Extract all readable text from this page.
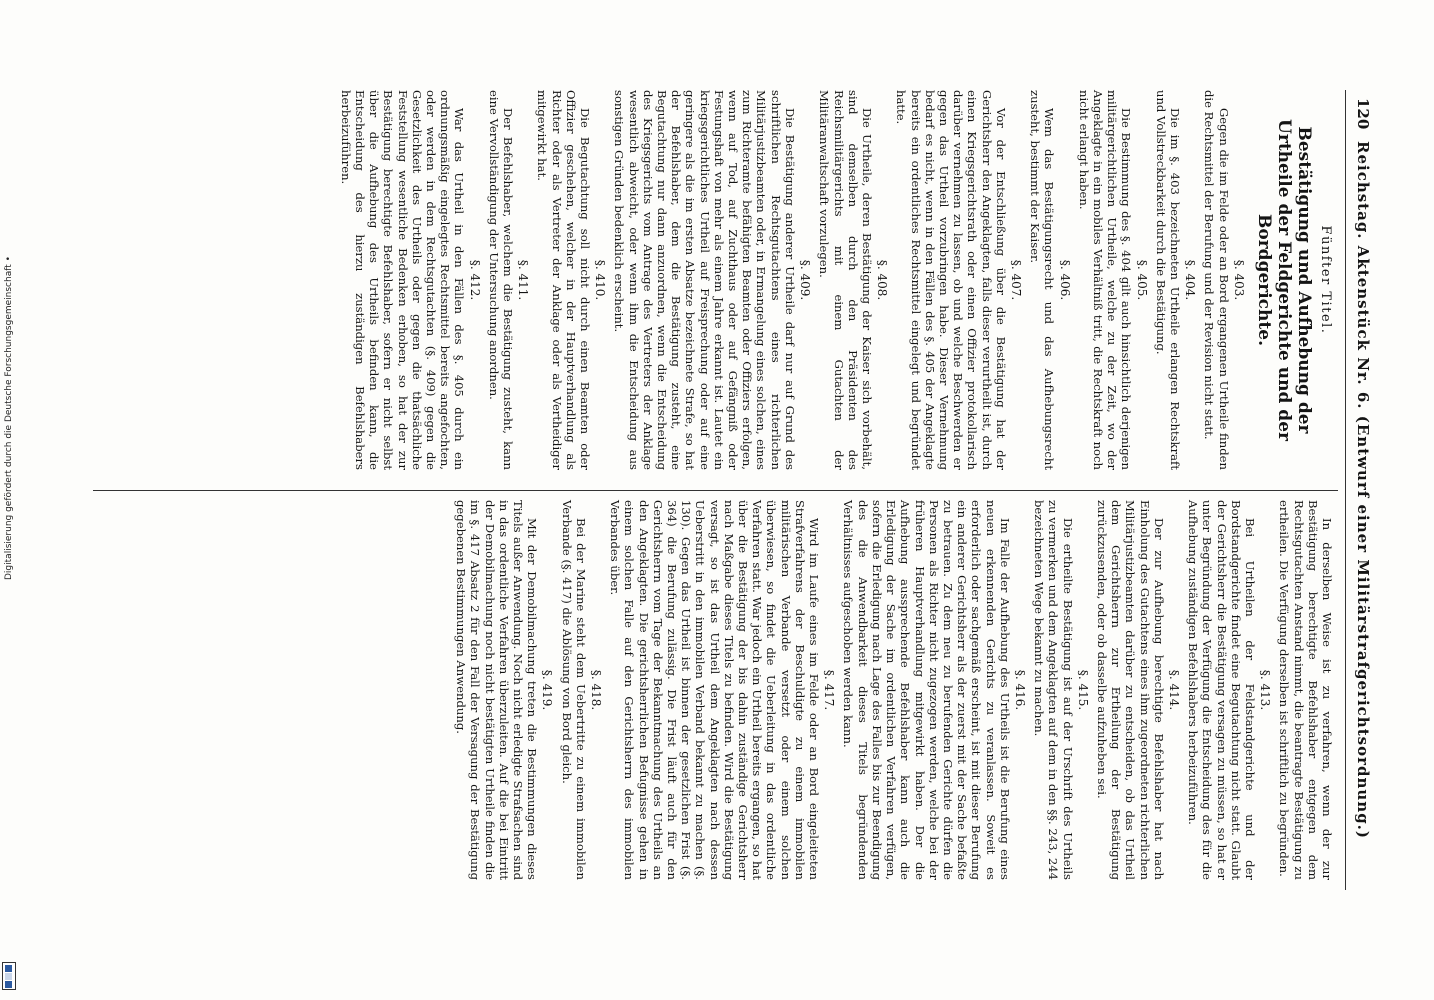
120
Reichstag. Aktenstück Nr. 6. (Entwurf einer Militärstrafgerichtsordnung.)
Fünfter Titel.
Bestätigung und Aufhebung der Urtheile der Feldgerichte und der Bordgerichte.
§. 403.

Gegen die im Felde oder an Bord ergangenen Urtheile finden die Rechtsmittel der Berufung und der Revision nicht statt.

§. 404.

Die im §. 403 bezeichneten Urtheile erlangen Rechtskraft und Vollstreckbarkeit durch die Bestätigung.

§. 405.

Die Bestimmung des §. 404 gilt auch hinsichtlich derjenigen militärgerichtlichen Urtheile, welche zu der Zeit, wo der Angeklagte in ein mobiles Verhältniß tritt, die Rechtskraft noch nicht erlangt haben.

§. 406.

Wem das Bestätigungsrecht und das Aufhebungsrecht zusteht, bestimmt der Kaiser.

§. 407.

Vor der Entschließung über die Bestätigung hat der Gerichtsherr den Angeklagten, falls dieser verurtheilt ist, durch einen Kriegsgerichtsrath oder einen Offizier protokollarisch darüber vernehmen zu lassen, ob und welche Beschwerden er gegen das Urtheil vorzubringen habe. Dieser Vernehmung bedarf es nicht, wenn in den Fällen des §. 405 der Angeklagte bereits ein ordentliches Rechtsmittel eingelegt und begründet hatte.

§. 408.

Die Urtheile, deren Bestätigung der Kaiser sich vorbehält, sind demselben durch den Präsidenten des Reichsmilitärgerichts mit einem Gutachten der Militäranwaltschaft vorzulegen.

§. 409.

Die Bestätigung anderer Urtheile darf nur auf Grund des schriftlichen Rechtsgutachtens eines richterlichen Militärjustizbeamten oder, in Ermangelung eines solchen, eines zum Richteramte befähigten Beamten oder Offiziers erfolgen, wenn auf Tod, auf Zuchthaus oder auf Gefängniß oder Festungshaft von mehr als einem Jahre erkannt ist. Lautet ein kriegsgerichtliches Urtheil auf Freisprechung oder auf eine geringere als die im ersten Absatze bezeichnete Strafe, so hat der Befehlshaber, dem die Bestätigung zusteht, eine Begutachtung nur dann anzuordnen, wenn die Entscheidung des Kriegsgerichts vom Antrage des Vertreters der Anklage wesentlich abweicht, oder wenn ihm die Entscheidung aus sonstigen Gründen bedenklich erscheint.

§. 410.

Die Begutachtung soll nicht durch einen Beamten oder Offizier geschehen, welcher in der Hauptverhandlung als Richter oder als Vertreter der Anklage oder als Vertheidiger mitgewirkt hat.

§. 411.

Der Befehlshaber, welchem die Bestätigung zusteht, kann eine Vervollständigung der Untersuchung anordnen.

§. 412.

War das Urtheil in den Fällen des §. 405 durch ein ordnungsmäßig eingelegtes Rechtsmittel bereits angefochten, oder werden in dem Rechtsgutachten (§. 409) gegen die Gesetzlichkeit des Urtheils oder gegen die thatsächliche Feststellung wesentliche Bedenken erhoben, so hat der zur Bestätigung berechtigte Befehlshaber, sofern er nicht selbst über die Aufhebung des Urtheils befinden kann, die Entscheidung des hierzu zuständigen Befehlshabers herbeizuführen.

In derselben Weise ist zu verfahren, wenn der zur Bestätigung berechtigte Befehlshaber entgegen dem Rechtsgutachten Anstand nimmt, die beantragte Bestätigung zu ertheilen. Die Verfügung derselben ist schriftlich zu begründen.

§. 413.

Bei Urtheilen der Feldstandgerichte und der Bordstandgerichte findet eine Begutachtung nicht statt. Glaubt der Gerichtsherr die Bestätigung versagen zu müssen, so hat er unter Begründung der Verfügung die Entscheidung des für die Aufhebung zuständigen Befehlshabers herbeizuführen.

§. 414.

Der zur Aufhebung berechtigte Befehlshaber hat nach Einholung des Gutachtens eines ihm zugeordneten richterlichen Militärjustizbeamten darüber zu entscheiden, ob das Urtheil dem Gerichtsherrn zur Ertheilung der Bestätigung zurückzusenden, oder ob dasselbe aufzuheben sei.

§. 415.

Die ertheilte Bestätigung ist auf der Urschrift des Urtheils zu vermerken und dem Angeklagten auf dem in den §§. 243, 244 bezeichneten Wege bekannt zu machen.

§. 416.

Im Falle der Aufhebung des Urtheils ist die Berufung eines neuen erkennenden Gerichts zu veranlassen. Soweit es erforderlich oder sachgemäß erscheint, ist mit dieser Berufung ein anderer Gerichtsherr als der zuerst mit der Sache befaßte zu betrauen. Zu dem neu zu berufenden Gerichte dürfen die Personen als Richter nicht zugezogen werden, welche bei der früheren Hauptverhandlung mitgewirkt haben. Der die Aufhebung aussprechende Befehlshaber kann auch die Erledigung der Sache im ordentlichen Verfahren verfügen, sofern die Erledigung nach Lage des Falles bis zur Beendigung des die Anwendbarkeit dieses Titels begründenden Verhältnisses aufgeschoben werden kann.

§. 417.

Wird im Laufe eines im Felde oder an Bord eingeleiteten Strafverfahrens der Beschuldigte zu einem immobilen militärischen Verbande versetzt oder einem solchen überwiesen, so findet die Ueberleitung in das ordentliche Verfahren statt. War jedoch ein Urtheil bereits ergangen, so hat über die Bestätigung der bis dahin zuständige Gerichtsherr nach Maßgabe dieses Titels zu befinden. Wird die Bestätigung versagt, so ist das Urtheil dem Angeklagten nach dessen Ueberstritt in den immobilen Verband bekannt zu machen (§. 130). Gegen das Urtheil ist binnen der gesetzlichen Frist (§. 364) die Berufung zulässig. Die Frist läuft auch für den Gerichtsherrn vom Tage der Bekanntmachung des Urtheils an den Angeklagten. Die gerichtsherrlichen Befugnisse gehen in einem solchen Falle auf den Gerichtsherrn des immobilen Verbandes über.

§. 418.

Bei der Marine steht dem Uebertritte zu einem immobilen Verbande (§. 417) die Ablösung von Bord gleich.

§. 419.

Mit der Demobilmachung treten die Bestimmungen dieses Titels außer Anwendung. Noch nicht erledigte Strafsachen sind in das ordentliche Verfahren überzuleiten. Auf die bei Eintritt der Demobilmachung noch nicht bestätigten Urtheile finden die im §. 417 Absatz 2 für den Fall der Versagung der Bestätigung gegebenen Bestimmungen Anwendung.

Digitalisierung gefördert durch die Deutsche Forschungsgemeinschaft •
